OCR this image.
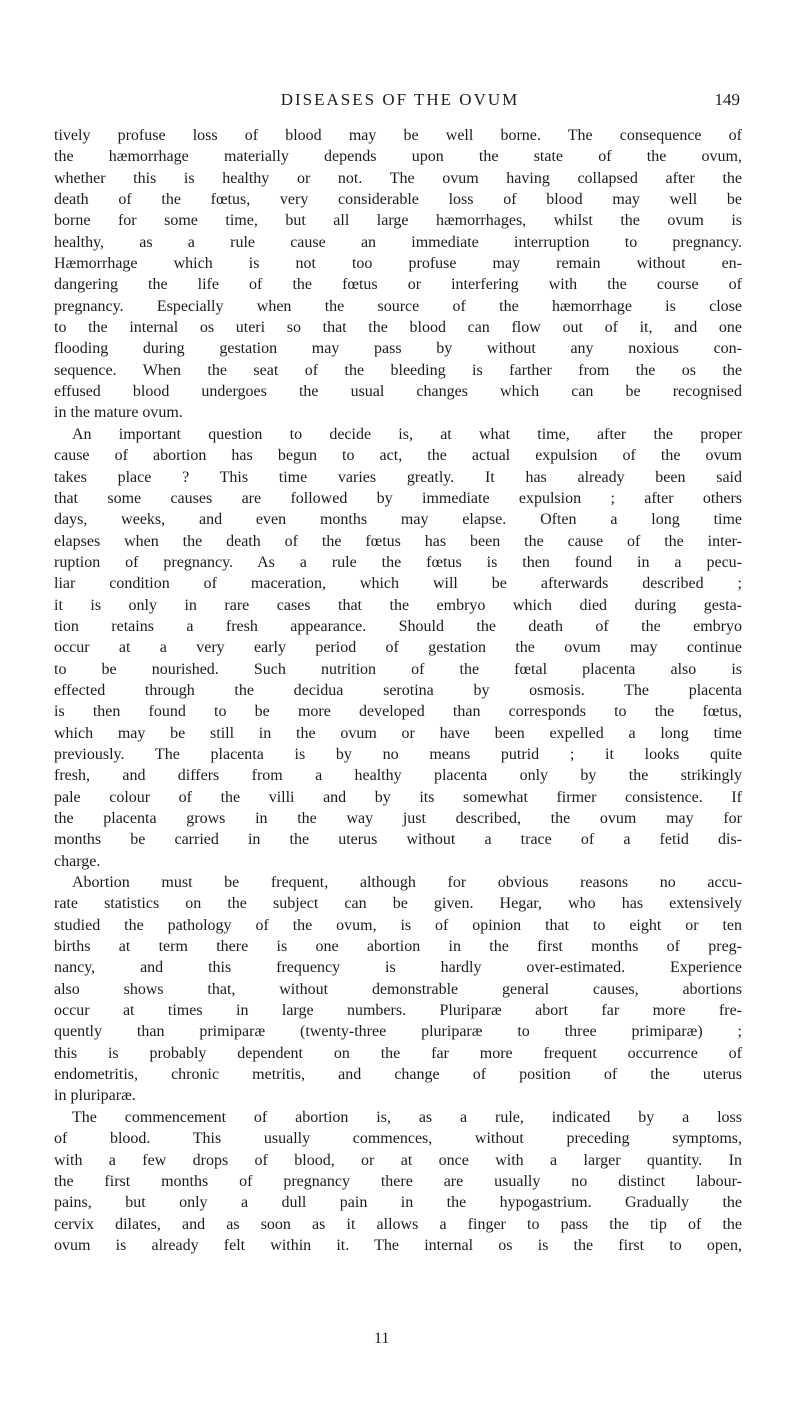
DISEASES OF THE OVUM	149
tively profuse loss of blood may be well borne. The consequence of
the hæmorrhage materially depends upon the state of the ovum,
whether this is healthy or not. The ovum having collapsed after the
death of the fœtus, very considerable loss of blood may well be
borne for some time, but all large hæmorrhages, whilst the ovum is
healthy, as a rule cause an immediate interruption to pregnancy.
Hæmorrhage which is not too profuse may remain without en-
dangering the life of the fœtus or interfering with the course of
pregnancy. Especially when the source of the hæmorrhage is close
to the internal os uteri so that the blood can flow out of it, and one
flooding during gestation may pass by without any noxious con-
sequence. When the seat of the bleeding is farther from the os the
effused blood undergoes the usual changes which can be recognised
in the mature ovum.
An important question to decide is, at what time, after the proper
cause of abortion has begun to act, the actual expulsion of the ovum
takes place ? This time varies greatly. It has already been said
that some causes are followed by immediate expulsion ; after others
days, weeks, and even months may elapse. Often a long time
elapses when the death of the fœtus has been the cause of the inter-
ruption of pregnancy. As a rule the fœtus is then found in a pecu-
liar condition of maceration, which will be afterwards described ;
it is only in rare cases that the embryo which died during gesta-
tion retains a fresh appearance. Should the death of the embryo
occur at a very early period of gestation the ovum may continue
to be nourished. Such nutrition of the fœtal placenta also is
effected through the decidua serotina by osmosis. The placenta
is then found to be more developed than corresponds to the fœtus,
which may be still in the ovum or have been expelled a long time
previously. The placenta is by no means putrid ; it looks quite
fresh, and differs from a healthy placenta only by the strikingly
pale colour of the villi and by its somewhat firmer consistence. If
the placenta grows in the way just described, the ovum may for
months be carried in the uterus without a trace of a fetid dis-
charge.
Abortion must be frequent, although for obvious reasons no accu-
rate statistics on the subject can be given. Hegar, who has extensively
studied the pathology of the ovum, is of opinion that to eight or ten
births at term there is one abortion in the first months of preg-
nancy, and this frequency is hardly over-estimated. Experience
also shows that, without demonstrable general causes, abortions
occur at times in large numbers. Pluriparæ abort far more fre-
quently than primiparæ (twenty-three pluriparæ to three primiparæ) ;
this is probably dependent on the far more frequent occurrence of
endometritis, chronic metritis, and change of position of the uterus
in pluriparæ.
The commencement of abortion is, as a rule, indicated by a loss
of blood. This usually commences, without preceding symptoms,
with a few drops of blood, or at once with a larger quantity. In
the first months of pregnancy there are usually no distinct labour-
pains, but only a dull pain in the hypogastrium. Gradually the
cervix dilates, and as soon as it allows a finger to pass the tip of the
ovum is already felt within it. The internal os is the first to open,
11
